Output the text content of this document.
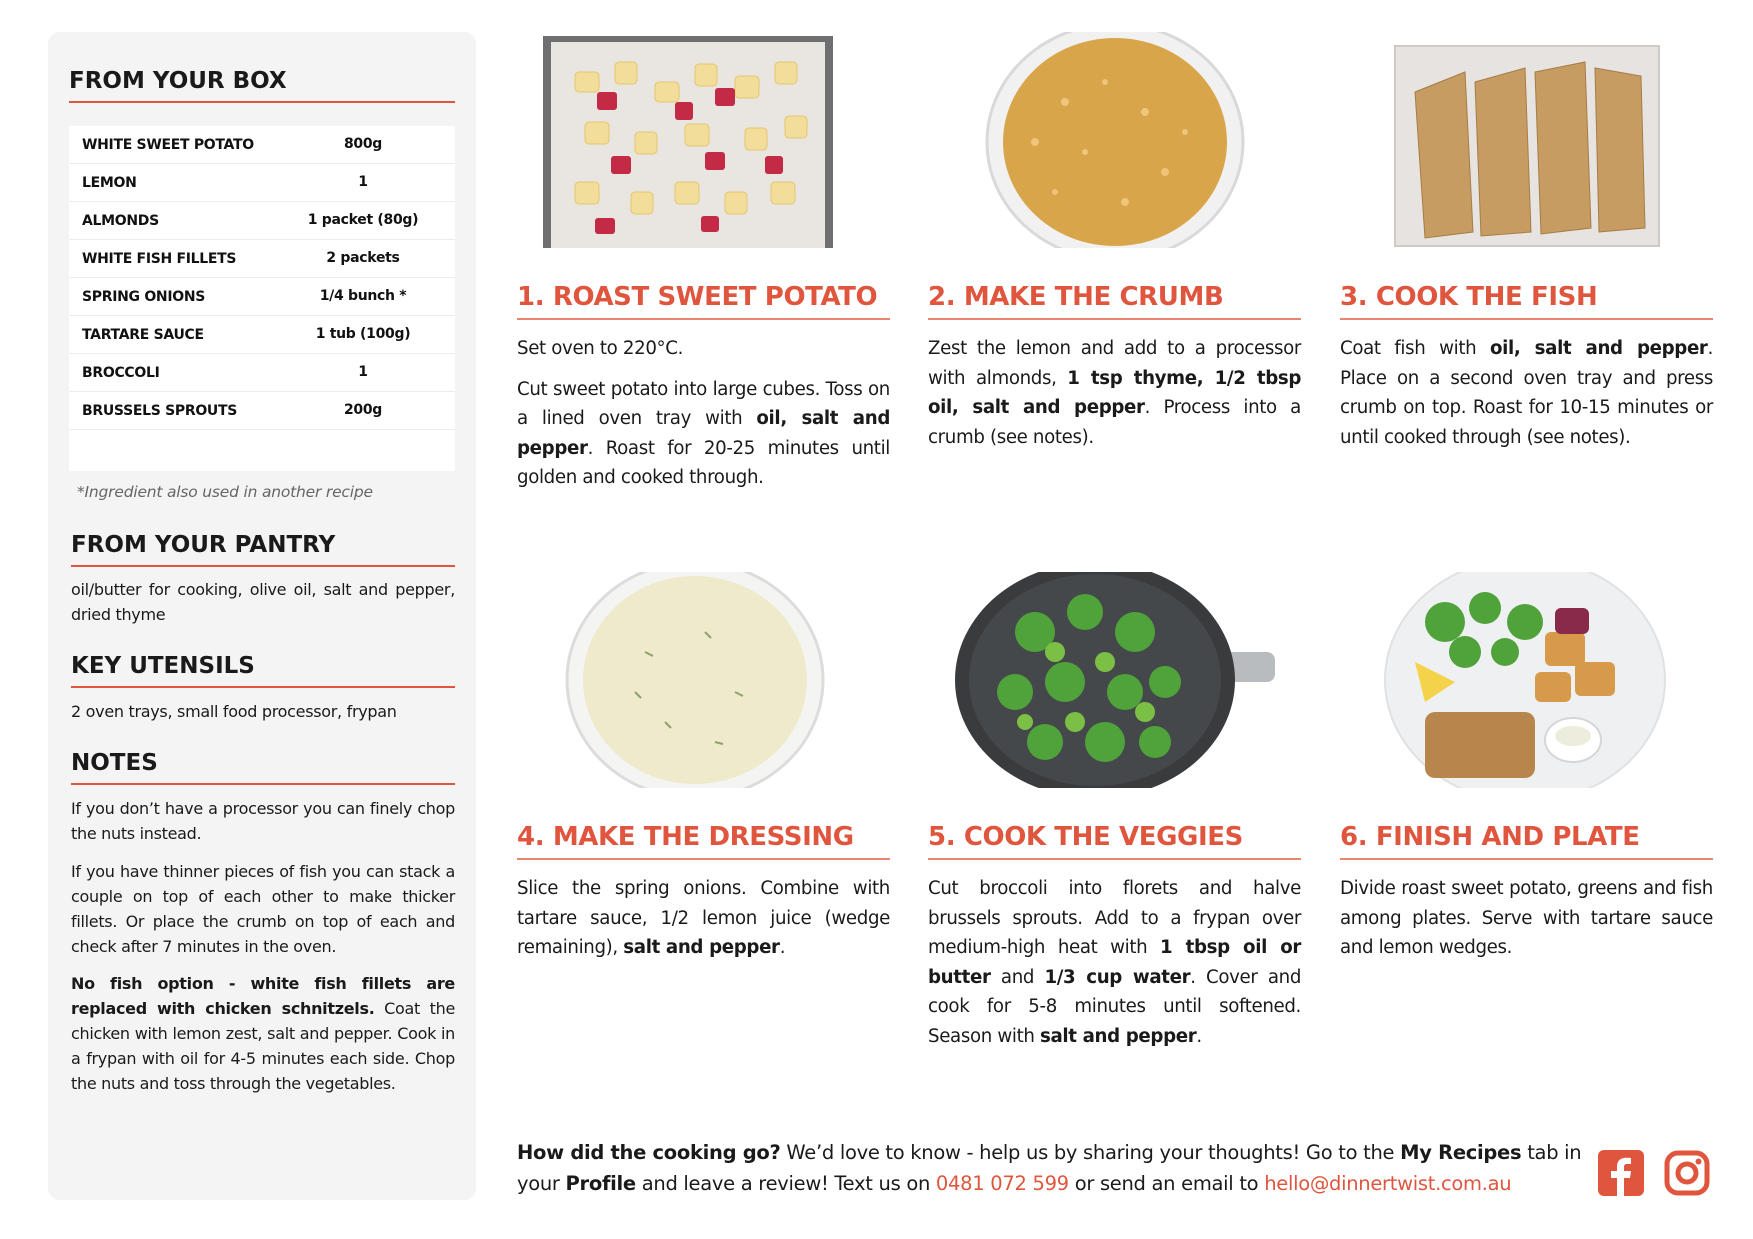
FROM YOUR BOX
WHITE SWEET POTATO	800g
LEMON	1
ALMONDS	1 packet (80g)
WHITE FISH FILLETS	2 packets
SPRING ONIONS	1/4 bunch *
TARTARE SAUCE	1 tub (100g)
BROCCOLI	1
BRUSSELS SPROUTS	200g
*Ingredient also used in another recipe
FROM YOUR PANTRY
oil/butter for cooking, olive oil, salt and pepper, dried thyme
KEY UTENSILS
2 oven trays, small food processor, frypan
NOTES
If you don’t have a processor you can finely chop the nuts instead.
If you have thinner pieces of fish you can stack a couple on top of each other to make thicker fillets. Or place the crumb on top of each and check after 7 minutes in the oven.
No fish option - white fish fillets are replaced with chicken schnitzels. Coat the chicken with lemon zest, salt and pepper. Cook in a frypan with oil for 4-5 minutes each side. Chop the nuts and toss through the vegetables.
1. ROAST SWEET POTATO

Set oven to 220°C.

Cut sweet potato into large cubes. Toss on a lined oven tray with oil, salt and pepper. Roast for 20-25 minutes until golden and cooked through.

2. MAKE THE CRUMB

Zest the lemon and add to a processor with almonds, 1 tsp thyme, 1/2 tbsp oil, salt and pepper. Process into a crumb (see notes).

3. COOK THE FISH

Coat fish with oil, salt and pepper. Place on a second oven tray and press crumb on top. Roast for 10-15 minutes or until cooked through (see notes).

4. MAKE THE DRESSING

Slice the spring onions. Combine with tartare sauce, 1/2 lemon juice (wedge remaining), salt and pepper.

5. COOK THE VEGGIES

Cut broccoli into florets and halve brussels sprouts. Add to a frypan over medium-high heat with 1 tbsp oil or butter and 1/3 cup water. Cover and cook for 5-8 minutes until softened. Season with salt and pepper.

6. FINISH AND PLATE

Divide roast sweet potato, greens and fish among plates. Serve with tartare sauce and lemon wedges.

How did the cooking go? We’d love to know - help us by sharing your thoughts! Go to the My Recipes tab in your Profile and leave a review! Text us on 0481 072 599 or send an email to hello@dinnertwist.com.au
